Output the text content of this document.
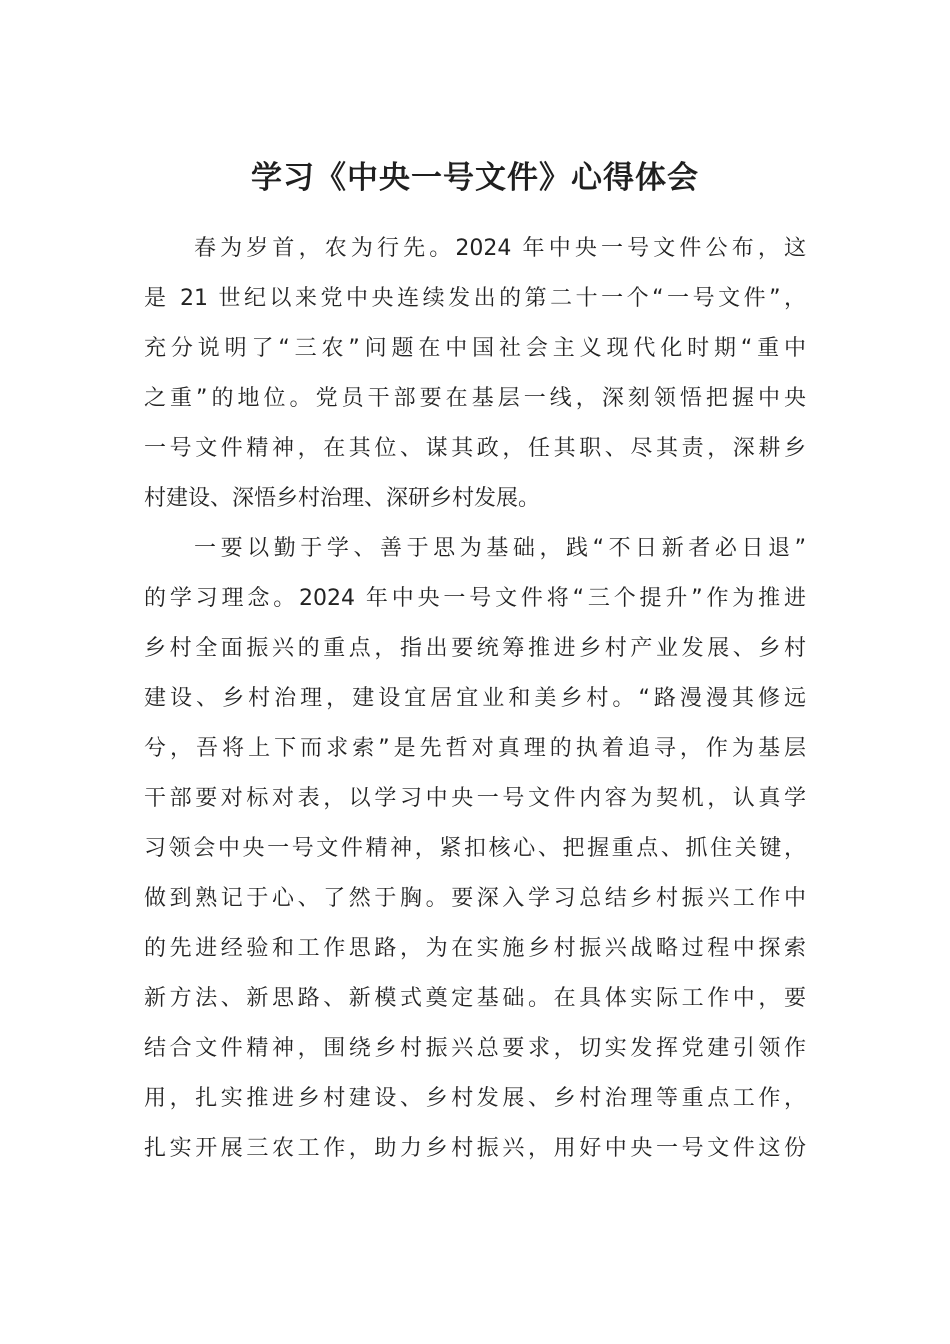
学习《中央一号文件》心得体会
春为岁首，农为行先。2024 年中央一号文件公布，这
是 21 世纪以来党中央连续发出的第二十一个“一号文件”，
充分说明了“三农”问题在中国社会主义现代化时期“重中
之重”的地位。党员干部要在基层一线，深刻领悟把握中央
一号文件精神，在其位、谋其政，任其职、尽其责，深耕乡
村建设、深悟乡村治理、深研乡村发展。
一要以勤于学、善于思为基础，践“不日新者必日退”
的学习理念。2024 年中央一号文件将“三个提升”作为推进
乡村全面振兴的重点，指出要统筹推进乡村产业发展、乡村
建设、乡村治理，建设宜居宜业和美乡村。“路漫漫其修远
兮，吾将上下而求索”是先哲对真理的执着追寻，作为基层
干部要对标对表，以学习中央一号文件内容为契机，认真学
习领会中央一号文件精神，紧扣核心、把握重点、抓住关键，
做到熟记于心、了然于胸。要深入学习总结乡村振兴工作中
的先进经验和工作思路，为在实施乡村振兴战略过程中探索
新方法、新思路、新模式奠定基础。在具体实际工作中，要
结合文件精神，围绕乡村振兴总要求，切实发挥党建引领作
用，扎实推进乡村建设、乡村发展、乡村治理等重点工作，
扎实开展三农工作，助力乡村振兴，用好中央一号文件这份
